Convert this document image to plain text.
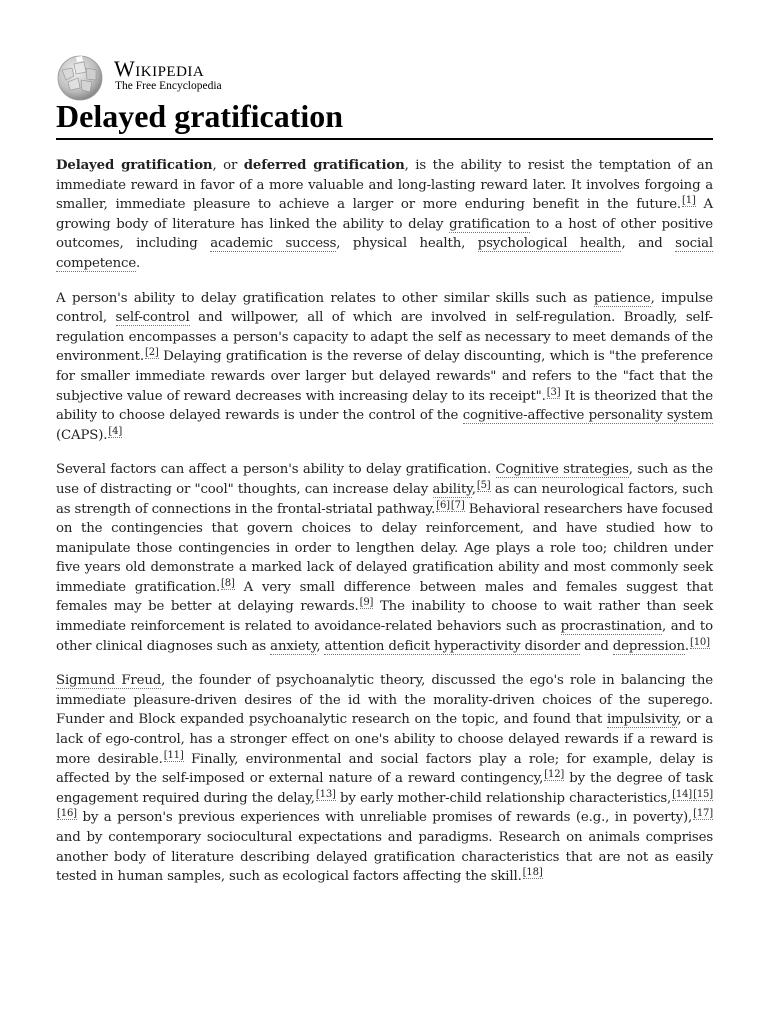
Wikipedia
The Free Encyclopedia
Delayed gratification

Delayed gratification, or deferred gratification, is the ability to resist the temptation of an immediate reward in favor of a more valuable and long-lasting reward later. It involves forgoing a smaller, immediate pleasure to achieve a larger or more enduring benefit in the future.[1] A growing body of literature has linked the ability to delay gratification to a host of other positive outcomes, including academic success, physical health, psychological health, and social competence.

A person's ability to delay gratification relates to other similar skills such as patience, impulse control, self-control and willpower, all of which are involved in self-regulation. Broadly, self-regulation encompasses a person's capacity to adapt the self as necessary to meet demands of the environment.[2] Delaying gratification is the reverse of delay discounting, which is "the preference for smaller immediate rewards over larger but delayed rewards" and refers to the "fact that the subjective value of reward decreases with increasing delay to its receipt".[3] It is theorized that the ability to choose delayed rewards is under the control of the cognitive-affective personality system (CAPS).[4]

Several factors can affect a person's ability to delay gratification. Cognitive strategies, such as the use of distracting or "cool" thoughts, can increase delay ability,[5] as can neurological factors, such as strength of connections in the frontal-striatal pathway.[6][7] Behavioral researchers have focused on the contingencies that govern choices to delay reinforcement, and have studied how to manipulate those contingencies in order to lengthen delay. Age plays a role too; children under five years old demonstrate a marked lack of delayed gratification ability and most commonly seek immediate gratification.[8] A very small difference between males and females suggest that females may be better at delaying rewards.[9] The inability to choose to wait rather than seek immediate reinforcement is related to avoidance-related behaviors such as procrastination, and to other clinical diagnoses such as anxiety, attention deficit hyperactivity disorder and depression.[10]

Sigmund Freud, the founder of psychoanalytic theory, discussed the ego's role in balancing the immediate pleasure-driven desires of the id with the morality-driven choices of the superego. Funder and Block expanded psychoanalytic research on the topic, and found that impulsivity, or a lack of ego-control, has a stronger effect on one's ability to choose delayed rewards if a reward is more desirable.[11] Finally, environmental and social factors play a role; for example, delay is affected by the self-imposed or external nature of a reward contingency,[12] by the degree of task engagement required during the delay,[13] by early mother-child relationship characteristics,[14][15][16] by a person's previous experiences with unreliable promises of rewards (e.g., in poverty),[17] and by contemporary sociocultural expectations and paradigms. Research on animals comprises another body of literature describing delayed gratification characteristics that are not as easily tested in human samples, such as ecological factors affecting the skill.[18]
